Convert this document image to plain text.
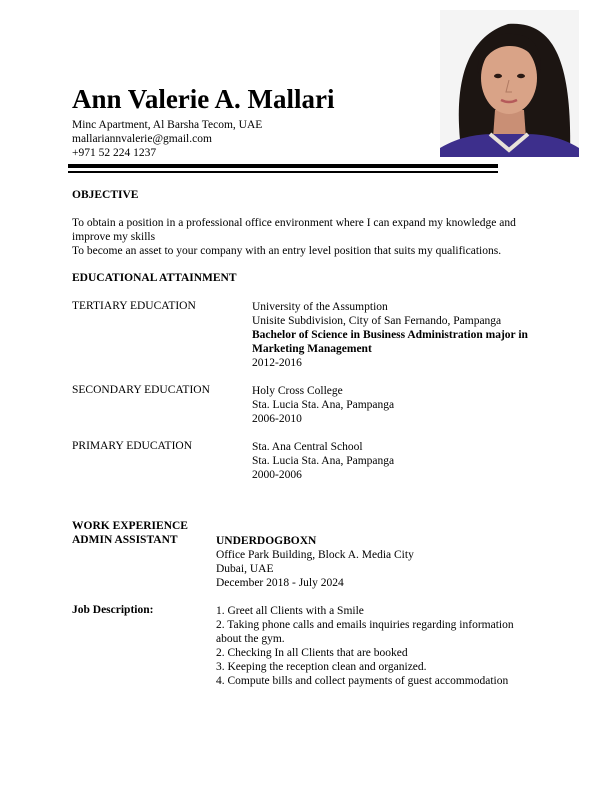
Ann Valerie A. Mallari
Minc Apartment, Al Barsha Tecom, UAE
mallariannvalerie@gmail.com
+971 52 224 1237
OBJECTIVE
To obtain a position in a professional office environment where I can expand my knowledge and improve my skills
To become an asset to your company with an entry level position that suits my qualifications.
EDUCATIONAL ATTAINMENT
TERTIARY EDUCATION	University of the Assumption
Unisite Subdivision, City of San Fernando, Pampanga
Bachelor of Science in Business Administration major in Marketing Management
2012-2016
SECONDARY EDUCATION	Holy Cross College
Sta. Lucia Sta. Ana, Pampanga
2006-2010
PRIMARY EDUCATION	Sta. Ana Central School
Sta. Lucia Sta. Ana, Pampanga
2000-2006
WORK EXPERIENCE
ADMIN ASSISTANT	UNDERDOGBOXN
Office Park Building, Block A. Media City
Dubai, UAE
December 2018 - July 2024
Job Description:	1. Greet all Clients with a Smile
2. Taking phone calls and emails inquiries regarding information about the gym.
2. Checking In all Clients that are booked
3. Keeping the reception clean and organized.
4. Compute bills and collect payments of guest accommodation
